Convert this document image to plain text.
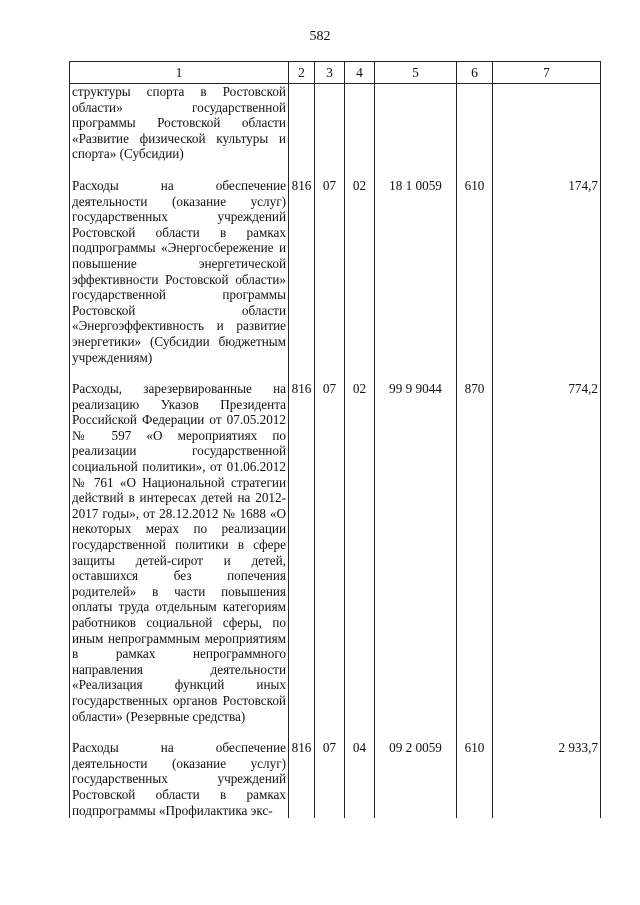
582
1	2	3	4	5	6	7
структуры спорта в Ростовской области» государственной программы Ростовской области «Развитие физической культуры и спорта» (Субсидии)						

Расходы на обеспечение деятельности (оказание услуг) государственных учреждений Ростовской области в рамках подпрограммы «Энергосбережение и повышение энергетической эффективности Ростовской области» государственной программы Ростовской области «Энергоэффективность и развитие энергетики» (Субсидии бюджетным учреждениям)	816	07	02	18 1 0059	610	174,7

Расходы, зарезервированные на реализацию Указов Президента Российской Федерации от 07.05.2012 № 597 «О мероприятиях по реализации государственной социальной политики», от 01.06.2012 № 761 «О Национальной стратегии действий в интересах детей на 2012-2017 годы», от 28.12.2012 № 1688 «О некоторых мерах по реализации государственной политики в сфере защиты детей-сирот и детей, оставшихся без попечения родителей» в части повышения оплаты труда отдельным категориям работников социальной сферы, по иным непрограммным мероприятиям в рамках непрограммного направления деятельности «Реализация функций иных государственных органов Ростовской области» (Резервные средства)	816	07	02	99 9 9044	870	774,2

Расходы на обеспечение деятельности (оказание услуг) государственных учреждений Ростовской области в рамках подпрограммы «Профилактика экс-	816	07	04	09 2 0059	610	2 933,7
